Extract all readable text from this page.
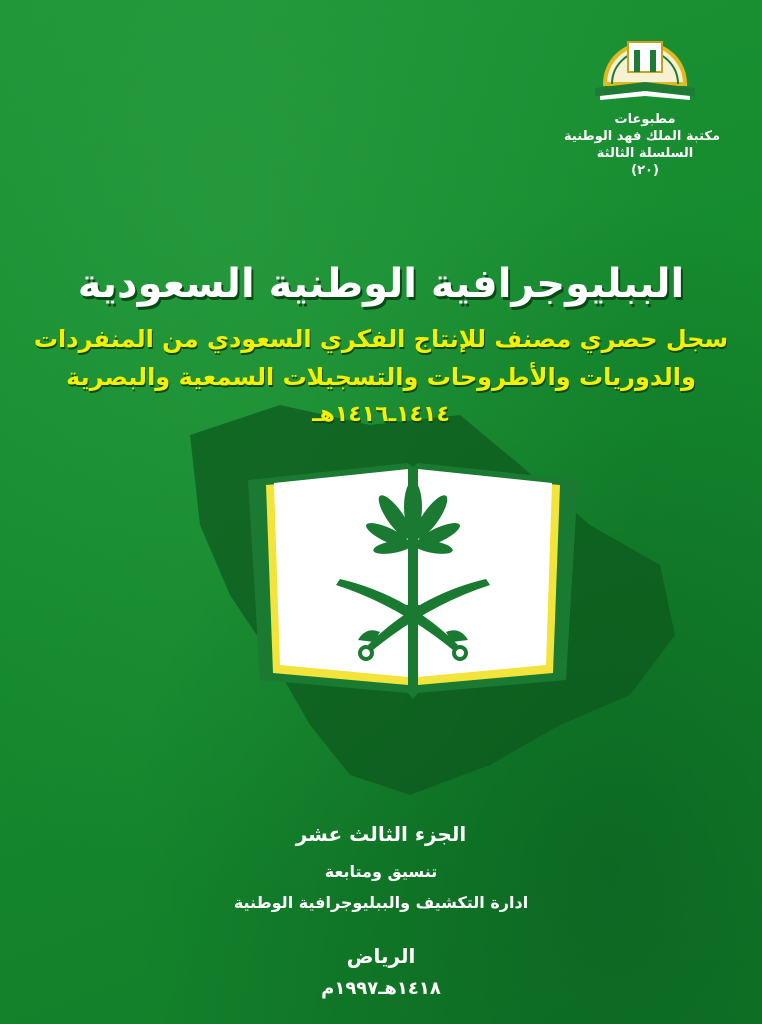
مطبوعات
مكتبة الملك فهد الوطنية
السلسلة الثالثة
(٢٠)
الببليوجرافية الوطنية السعودية
سجل حصري مصنف للإنتاج الفكري السعودي من المنفردات
والدوريات والأطروحات والتسجيلات السمعية والبصرية
١٤١٤ـ١٤١٦هـ
الجزء الثالث عشر
تنسيق ومتابعة
ادارة التكشيف والببليوجرافية الوطنية
الرياض
١٤١٨هـ١٩٩٧م
